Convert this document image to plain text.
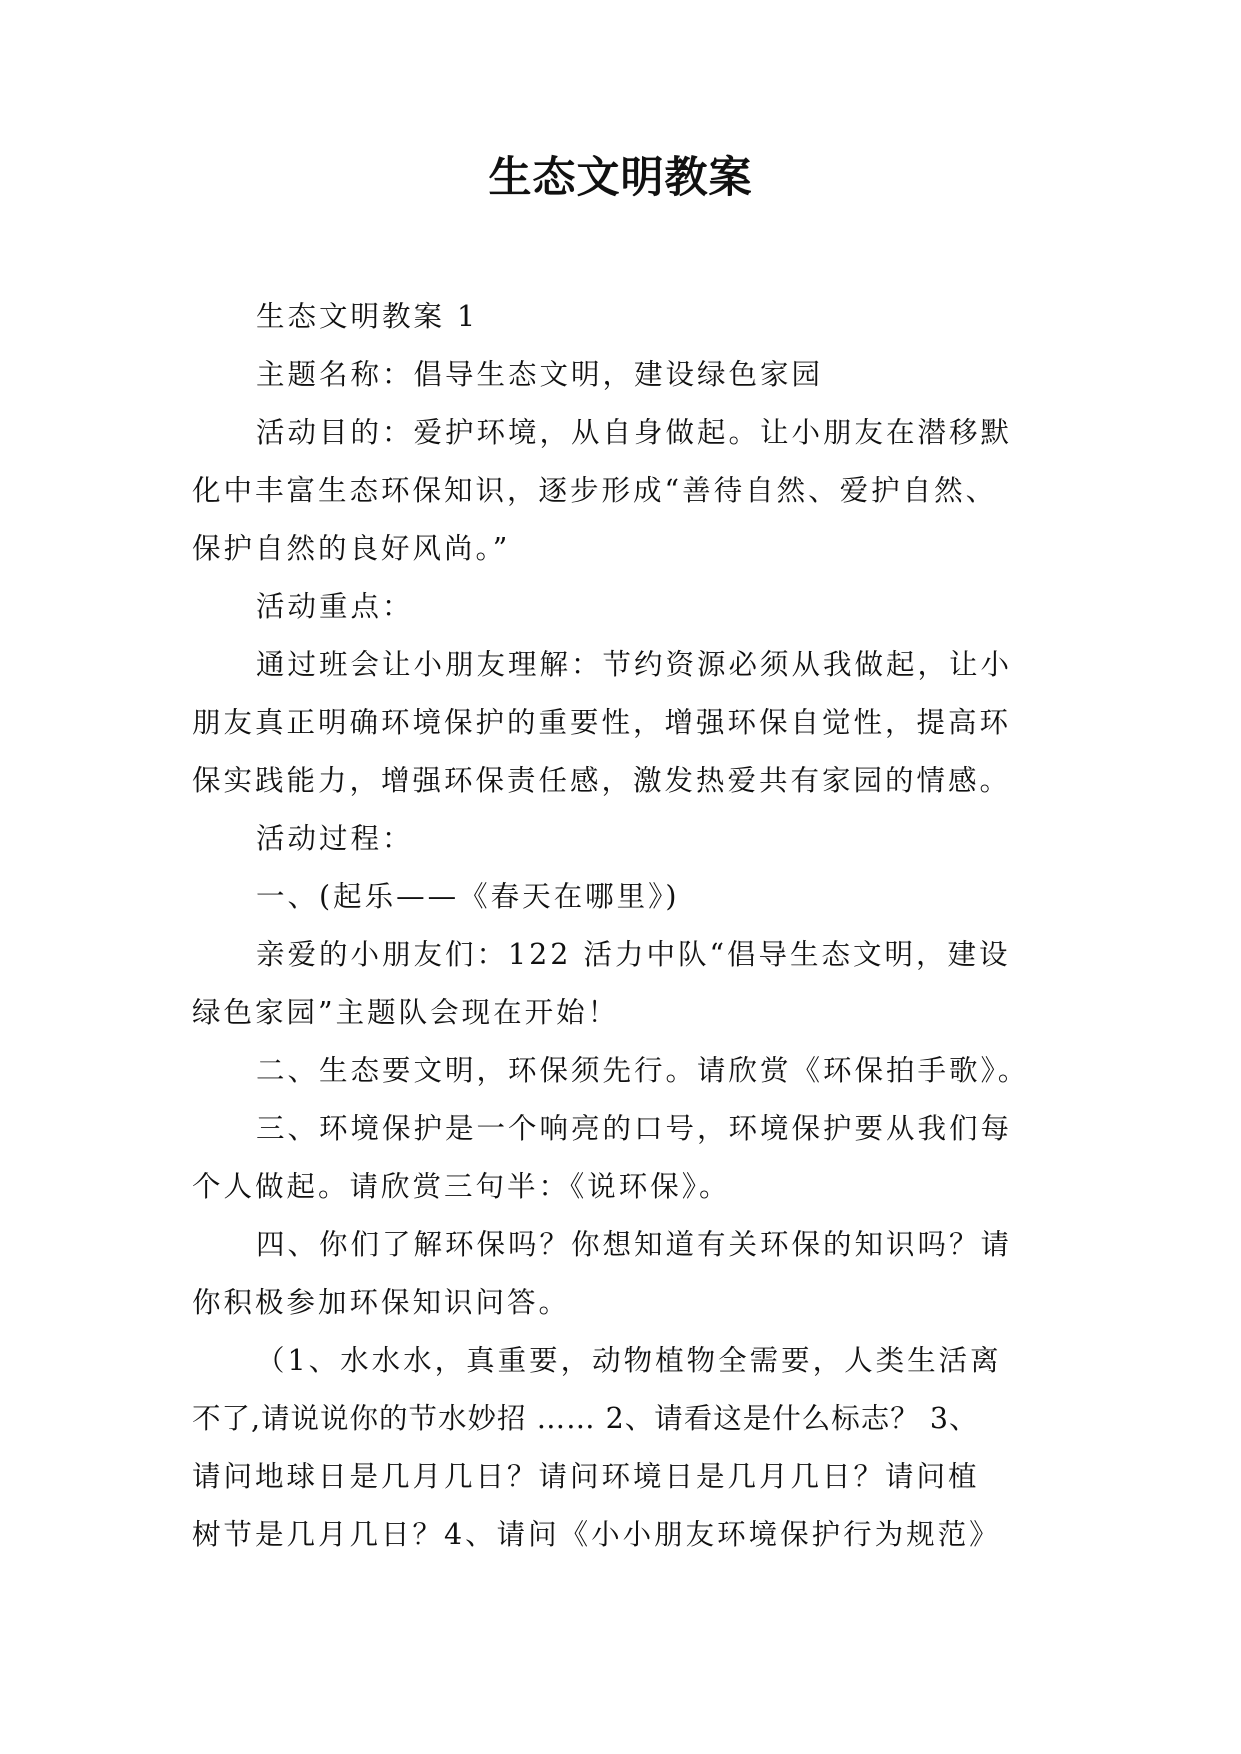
生态文明教案

生态文明教案 1

主题名称：倡导生态文明，建设绿色家园

活动目的：爱护环境，从自身做起。让小朋友在潜移默

化中丰富生态环保知识，逐步形成“善待自然、爱护自然、

保护自然的良好风尚。”

活动重点：

通过班会让小朋友理解：节约资源必须从我做起，让小

朋友真正明确环境保护的重要性，增强环保自觉性，提高环

保实践能力，增强环保责任感，激发热爱共有家园的情感。

活动过程：

一、(起乐——《春天在哪里》)

亲爱的小朋友们：122 活力中队“倡导生态文明，建设

绿色家园”主题队会现在开始！

二、生态要文明，环保须先行。请欣赏《环保拍手歌》。

三、环境保护是一个响亮的口号，环境保护要从我们每

个人做起。请欣赏三句半：《说环保》。

四、你们了解环保吗？你想知道有关环保的知识吗？请

你积极参加环保知识问答。

（1、水水水，真重要，动物植物全需要，人类生活离

不了,请说说你的节水妙招 …… 2、请看这是什么标志？ 3、

请问地球日是几月几日？请问环境日是几月几日？请问植

树节是几月几日？4、请问《小小朋友环境保护行为规范》
